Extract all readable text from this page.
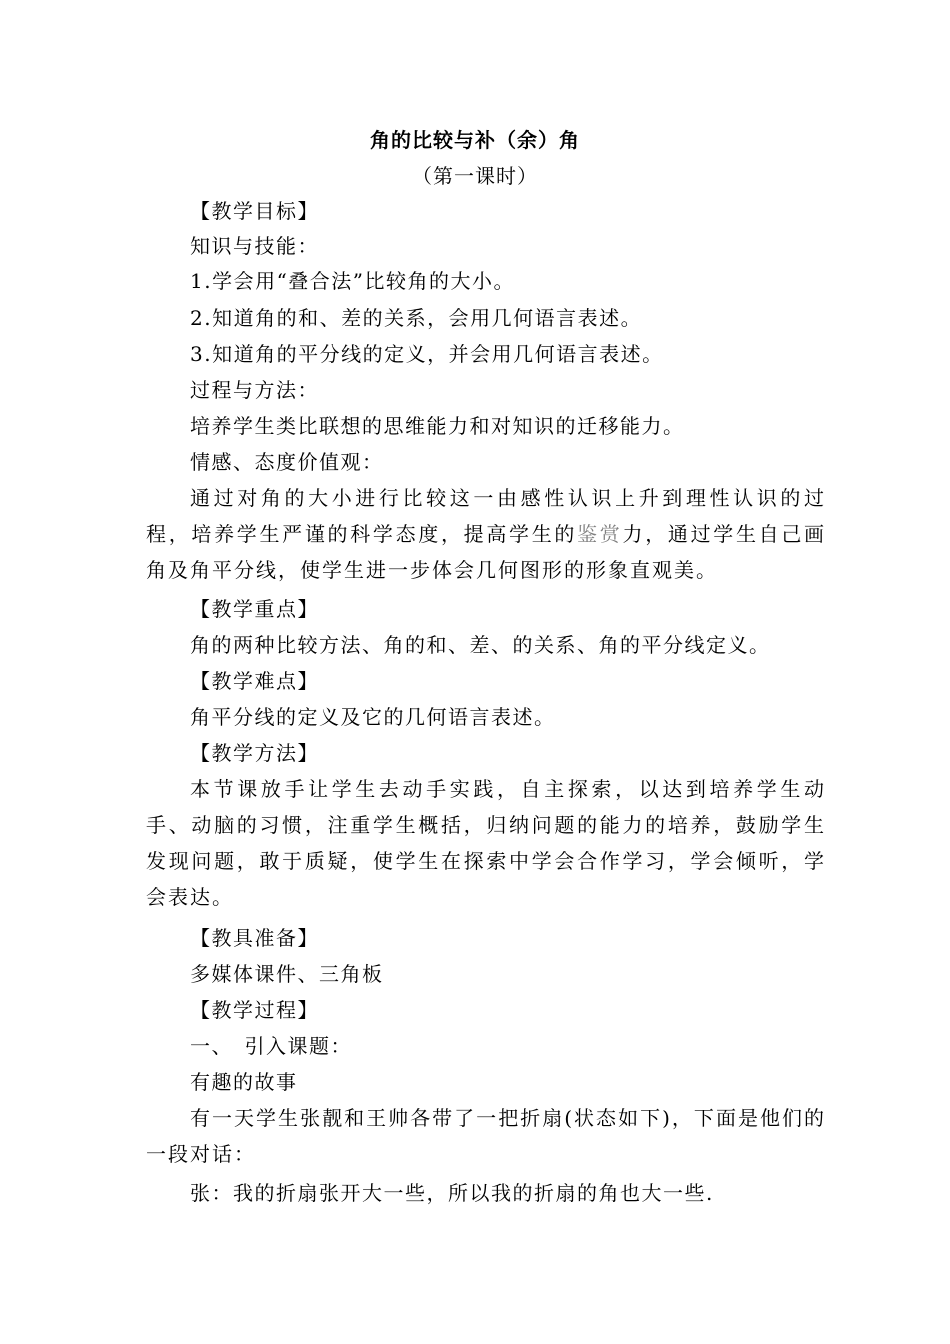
角的比较与补（余）角
（第一课时）
【教学目标】
知识与技能：
1.学会用“叠合法”比较角的大小。
2.知道角的和、差的关系，会用几何语言表述。
3.知道角的平分线的定义，并会用几何语言表述。
过程与方法：
培养学生类比联想的思维能力和对知识的迁移能力。
情感、态度价值观：
通过对角的大小进行比较这一由感性认识上升到理性认识的过程，培养学生严谨的科学态度，提高学生的鉴赏力，通过学生自己画角及角平分线，使学生进一步体会几何图形的形象直观美。
【教学重点】
角的两种比较方法、角的和、差、的关系、角的平分线定义。
【教学难点】
角平分线的定义及它的几何语言表述。
【教学方法】
本节课放手让学生去动手实践，自主探索，以达到培养学生动手、动脑的习惯，注重学生概括，归纳问题的能力的培养，鼓励学生发现问题，敢于质疑，使学生在探索中学会合作学习，学会倾听，学会表达。
【教具准备】
多媒体课件、三角板
【教学过程】
一、　引入课题：
有趣的故事
有一天学生张靓和王帅各带了一把折扇(状态如下)，下面是他们的一段对话：
张：我的折扇张开大一些，所以我的折扇的角也大一些.
